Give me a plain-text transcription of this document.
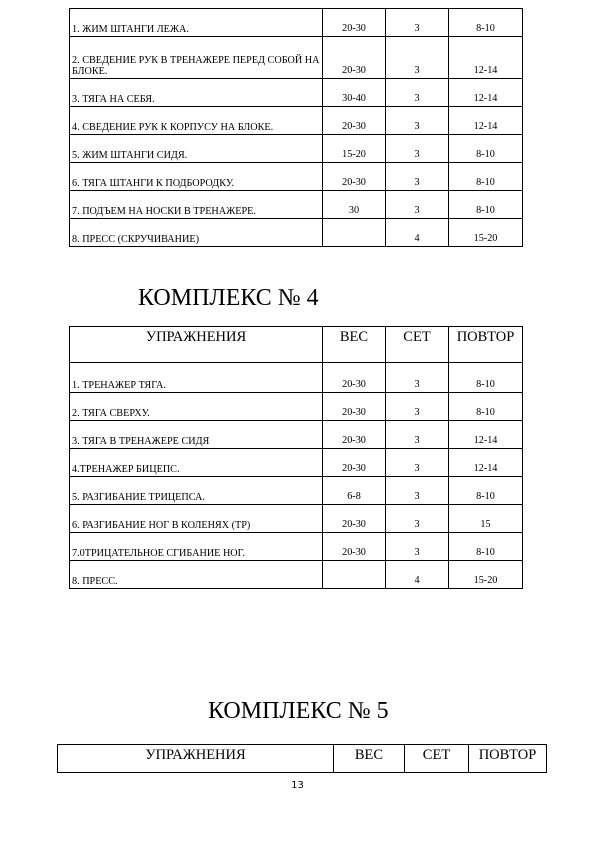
1. ЖИМ ШТАНГИ ЛЕЖА.	20-30	3	8-10
2. СВЕДЕНИЕ РУК В ТРЕНАЖЕРЕ ПЕРЕД СОБОЙ НА БЛОКЕ.	20-30	3	12-14
3. ТЯГА НА СЕБЯ.	30-40	3	12-14
4. СВЕДЕНИЕ РУК К КОРПУСУ НА БЛОКЕ.	20-30	3	12-14
5. ЖИМ ШТАНГИ СИДЯ.	15-20	3	8-10
6. ТЯГА ШТАНГИ К ПОДБОРОДКУ.	20-30	3	8-10
7. ПОДЪЕМ НА НОСКИ В ТРЕНАЖЕРЕ.	30	3	8-10
8. ПРЕСС (СКРУЧИВАНИЕ)		4	15-20
КОМПЛЕКС № 4
УПРАЖНЕНИЯ	ВЕС	СЕТ	ПОВТОР
1. ТРЕНАЖЕР ТЯГА.	20-30	3	8-10
2. ТЯГА СВЕРХУ.	20-30	3	8-10
3. ТЯГА В ТРЕНАЖЕРЕ СИДЯ	20-30	3	12-14
4.ТРЕНАЖЕР БИЦЕПС.	20-30	3	12-14
5. РАЗГИБАНИЕ ТРИЦЕПСА.	6-8	3	8-10
6. РАЗГИБАНИЕ НОГ В КОЛЕНЯХ (ТР)	20-30	3	15
7.0ТРИЦАТЕЛЬНОЕ СГИБАНИЕ НОГ.	20-30	3	8-10
8. ПРЕСС.		4	15-20
КОМПЛЕКС № 5
УПРАЖНЕНИЯ	ВЕС	СЕТ	ПОВТОР
13
